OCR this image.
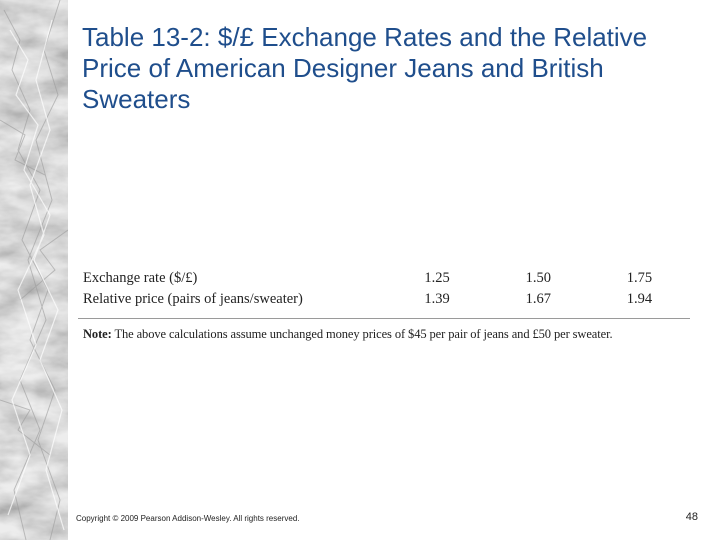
Table 13-2: $/£ Exchange Rates and the Relative Price of American Designer Jeans and British Sweaters
Exchange rate ($/£)	1.25	1.50	1.75
Relative price (pairs of jeans/sweater)	1.39	1.67	1.94
Note: The above calculations assume unchanged money prices of $45 per pair of jeans and £50 per sweater.
Copyright © 2009 Pearson Addison-Wesley. All rights reserved.	48
